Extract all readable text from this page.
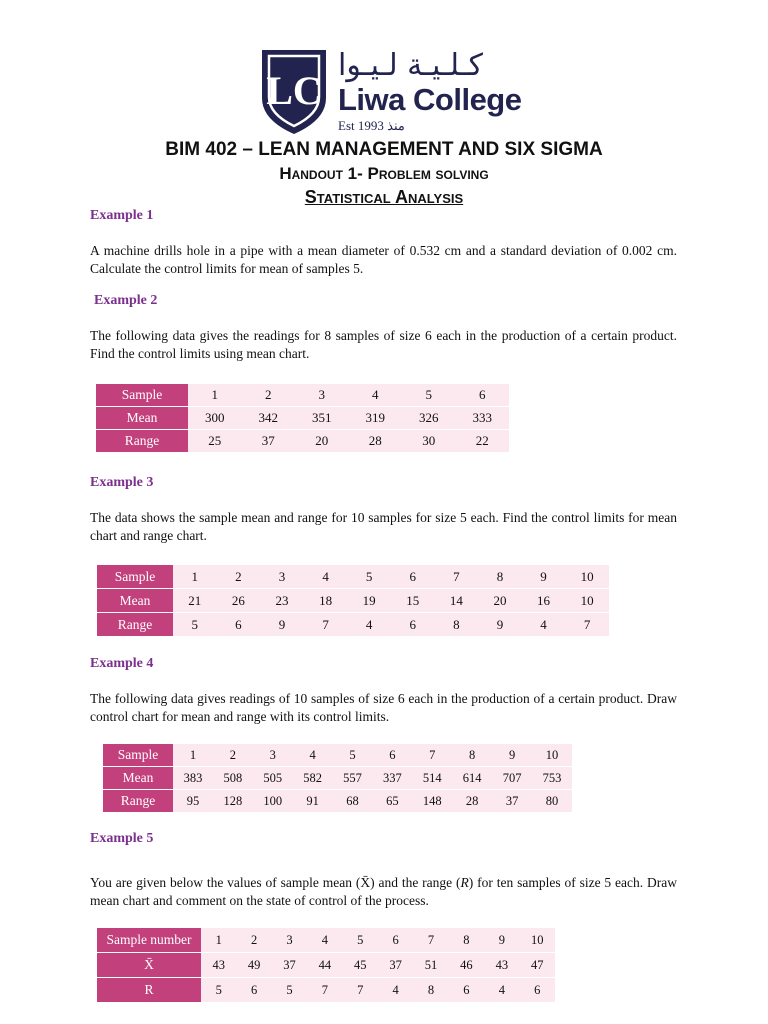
LC
كـلـيـة لـيـوا
Liwa College
Est 1993 منذ
BIM 402 – LEAN MANAGEMENT AND SIX SIGMA
Handout 1- Problem solving
Statistical Analysis
Example 1
A machine drills hole in a pipe with a mean diameter of 0.532 cm and a standard deviation of 0.002 cm. Calculate the control limits for mean of samples 5.
Example 2
The following data gives the readings for 8 samples of size 6 each in the production of a certain product. Find the control limits using mean chart.
Sample	1	2	3	4	5	6
Mean	300	342	351	319	326	333
Range	25	37	20	28	30	22
Example 3
The data shows the sample mean and range for 10 samples for size 5 each. Find the control limits for mean chart and range chart.
Sample	1	2	3	4	5	6	7	8	9	10
Mean	21	26	23	18	19	15	14	20	16	10
Range	5	6	9	7	4	6	8	9	4	7
Example 4
The following data gives readings of 10 samples of size 6 each in the production of a certain product. Draw control chart for mean and range with its control limits.
Sample	1	2	3	4	5	6	7	8	9	10
Mean	383	508	505	582	557	337	514	614	707	753
Range	95	128	100	91	68	65	148	28	37	80
Example 5
You are given below the values of sample mean (X̄) and the range (R) for ten samples of size 5 each. Draw mean chart and comment on the state of control of the process.
Sample number	1	2	3	4	5	6	7	8	9	10
X̄	43	49	37	44	45	37	51	46	43	47
R	5	6	5	7	7	4	8	6	4	6
